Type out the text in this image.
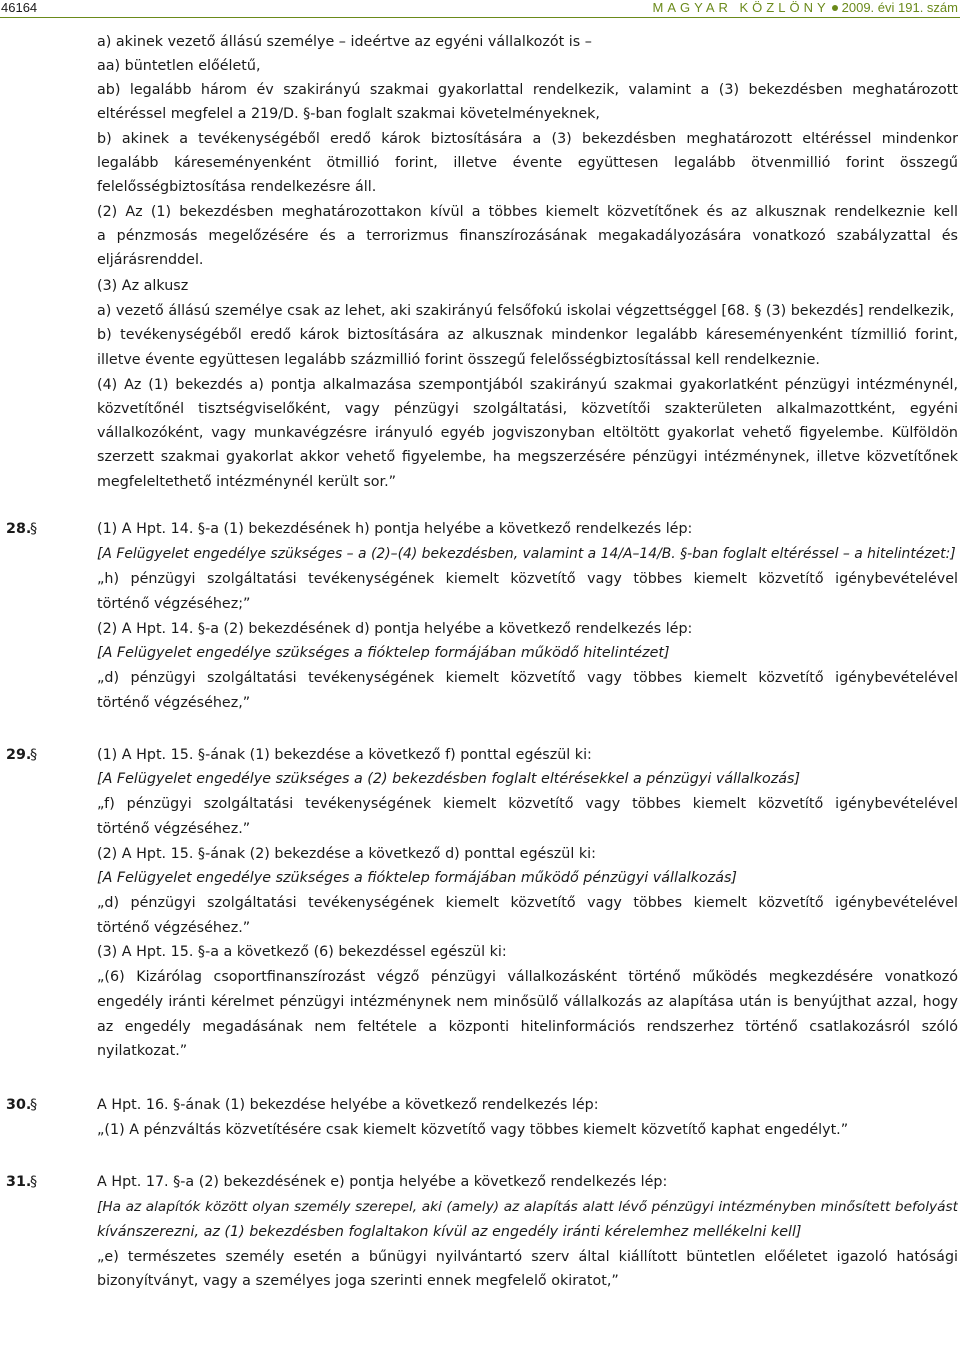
46164	MAGYAR KÖZLÖNY 2009. évi 191. szám
a) akinek vezető állású személye – ideértve az egyéni vállalkozót is –
aa) büntetlen előéletű,
ab) legalább három év szakirányú szakmai gyakorlattal rendelkezik, valamint a (3) bekezdésben meghatározott
eltéréssel megfelel a 219/D. §-ban foglalt szakmai követelményeknek,
b) akinek a tevékenységéből eredő károk biztosítására a (3) bekezdésben meghatározott eltéréssel mindenkor
legalább káreseményenként ötmillió forint, illetve évente együttesen legalább ötvenmillió forint összegű
felelősségbiztosítása rendelkezésre áll.
(2) Az (1) bekezdésben meghatározottakon kívül a többes kiemelt közvetítőnek és az alkusznak rendelkeznie kell
a pénzmosás megelőzésére és a terrorizmus finanszírozásának megakadályozására vonatkozó szabályzattal és
eljárásrenddel.
(3) Az alkusz
a) vezető állású személye csak az lehet, aki szakirányú felsőfokú iskolai végzettséggel [68. § (3) bekezdés] rendelkezik,
b) tevékenységéből eredő károk biztosítására az alkusznak mindenkor legalább káreseményenként tízmillió forint,
illetve évente együttesen legalább százmillió forint összegű felelősségbiztosítással kell rendelkeznie.
(4) Az (1) bekezdés a) pontja alkalmazása szempontjából szakirányú szakmai gyakorlatként pénzügyi intézménynél,
közvetítőnél tisztségviselőként, vagy pénzügyi szolgáltatási, közvetítői szakterületen alkalmazottként, egyéni
vállalkozóként, vagy munkavégzésre irányuló egyéb jogviszonyban eltöltött gyakorlat vehető figyelembe. Külföldön
szerzett szakmai gyakorlat akkor vehető figyelembe, ha megszerzésére pénzügyi intézménynek, illetve közvetítőnek
megfeleltethető intézménynél került sor.”
28.
§	(1) A Hpt. 14. §-a (1) bekezdésének h) pontja helyébe a következő rendelkezés lép:
[A Felügyelet engedélye szükséges – a (2)–(4) bekezdésben, valamint a 14/A–14/B. §-ban foglalt eltéréssel – a hitelintézet:]
„h) pénzügyi szolgáltatási tevékenységének kiemelt közvetítő vagy többes kiemelt közvetítő igénybevételével
történő végzéséhez;”
(2) A Hpt. 14. §-a (2) bekezdésének d) pontja helyébe a következő rendelkezés lép:
[A Felügyelet engedélye szükséges a fióktelep formájában működő hitelintézet]
„d) pénzügyi szolgáltatási tevékenységének kiemelt közvetítő vagy többes kiemelt közvetítő igénybevételével
történő végzéséhez,”
29.
§	(1) A Hpt. 15. §-ának (1) bekezdése a következő f) ponttal egészül ki:
[A Felügyelet engedélye szükséges a (2) bekezdésben foglalt eltérésekkel a pénzügyi vállalkozás]
„f) pénzügyi szolgáltatási tevékenységének kiemelt közvetítő vagy többes kiemelt közvetítő igénybevételével
történő végzéséhez.”
(2) A Hpt. 15. §-ának (2) bekezdése a következő d) ponttal egészül ki:
[A Felügyelet engedélye szükséges a fióktelep formájában működő pénzügyi vállalkozás]
„d) pénzügyi szolgáltatási tevékenységének kiemelt közvetítő vagy többes kiemelt közvetítő igénybevételével
történő végzéséhez.”
(3) A Hpt. 15. §-a a következő (6) bekezdéssel egészül ki:
„(6) Kizárólag csoportfinanszírozást végző pénzügyi vállalkozásként történő működés megkezdésére vonatkozó
engedély iránti kérelmet pénzügyi intézménynek nem minősülő vállalkozás az alapítása után is benyújthat azzal, hogy
az engedély megadásának nem feltétele a központi hitelinformációs rendszerhez történő csatlakozásról szóló
nyilatkozat.”
30.
§	A Hpt. 16. §-ának (1) bekezdése helyébe a következő rendelkezés lép:
„(1) A pénzváltás közvetítésére csak kiemelt közvetítő vagy többes kiemelt közvetítő kaphat engedélyt.”
31.
§	A Hpt. 17. §-a (2) bekezdésének e) pontja helyébe a következő rendelkezés lép:
[Ha az alapítók között olyan személy szerepel, aki (amely) az alapítás alatt lévő pénzügyi intézményben minősített befolyást
kívánszerezni, az (1) bekezdésben foglaltakon kívül az engedély iránti kérelemhez mellékelni kell]
„e) természetes személy esetén a bűnügyi nyilvántartó szerv által kiállított büntetlen előéletet igazoló hatósági
bizonyítványt, vagy a személyes joga szerinti ennek megfelelő okiratot,”
